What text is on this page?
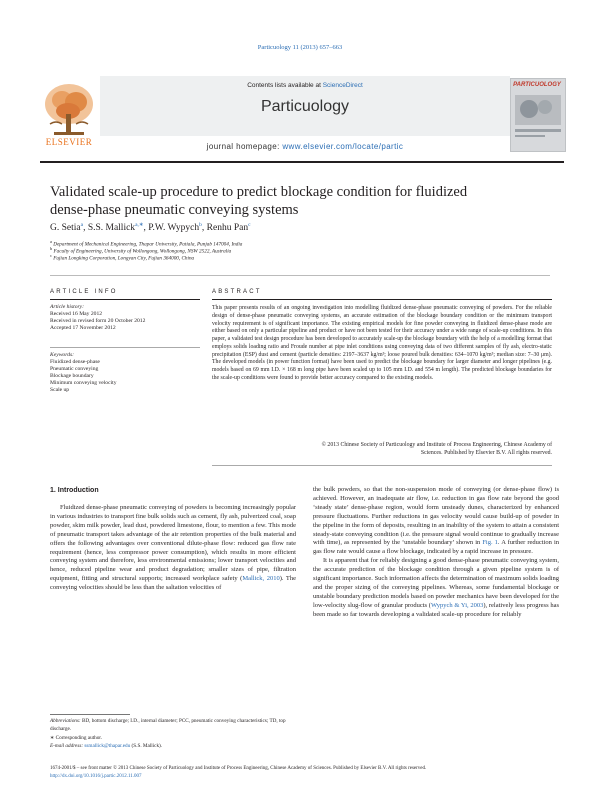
Particuology 11 (2013) 657–663
Contents lists available at ScienceDirect
Particuology
journal homepage: www.elsevier.com/locate/partic
ELSEVIER
PARTICUOLOGY
Validated scale-up procedure to predict blockage condition for fluidized
dense-phase pneumatic conveying systems
G. Setia$^a$, S.S. Mallick$^{a,∗}$, P.W. Wypych$^b$, Renhu Pan$^c$
$^a$ Department of Mechanical Engineering, Thapar University, Patiala, Punjab 147004, India
$^b$ Faculty of Engineering, University of Wollongong, Wollongong, NSW 2522, Australia
$^c$ Fujian Longking Corporation, Longyan City, Fujian 364000, China
ARTICLE INFO
Article history:
Received 16 May 2012
Received in revised form 20 October 2012
Accepted 17 November 2012
Keywords:
Fluidized dense-phase
Pneumatic conveying
Blockage boundary
Minimum conveying velocity
Scale up
ABSTRACT
This paper presents results of an ongoing investigation into modelling fluidized dense-phase pneumatic conveying of powders. For the reliable design of dense-phase pneumatic conveying systems, an accurate estimation of the blockage boundary condition or the minimum transport velocity requirement is of significant importance. The existing empirical models for fine powder conveying in fluidized dense-phase mode are either based on only a particular pipeline and product or have not been tested for their accuracy under a wide range of scale-up conditions. In this paper, a validated test design procedure has been developed to accurately scale-up the blockage boundary with the help of a modelling format that employs solids loading ratio and Froude number at pipe inlet conditions using conveying data of two different samples of fly ash, electro-static precipitation (ESP) dust and cement (particle densities: 2197–3637 kg/m³; loose poured bulk densities: 634–1070 kg/m³; median size: 7–30 μm). The developed models (in power function format) have been used to predict the blockage boundary for larger diameter and longer pipelines (e.g. models based on 69 mm I.D. × 168 m long pipe have been scaled up to 105 mm I.D. and 554 m length). The predicted blockage boundaries for the scale-up conditions were found to provide better accuracy compared to the existing models.
© 2013 Chinese Society of Particuology and Institute of Process Engineering, Chinese Academy of
Sciences. Published by Elsevier B.V. All rights reserved.
1. Introduction

Fluidized dense-phase pneumatic conveying of powders is becoming increasingly popular in various industries to transport fine bulk solids such as cement, fly ash, pulverized coal, soap powder, skim milk powder, lead dust, powdered limestone, flour, to mention a few. This mode of pneumatic transport takes advantage of the air retention properties of the bulk material and offers the following advantages over conventional dilute-phase flow: reduced gas flow rate requirement (hence, less compressor power consumption), which results in more efficient conveying system and therefore, less environmental emissions; lower transport velocities and hence, reduced pipeline wear and product degradation; smaller sizes of pipe, filtration equipment, fitting and structural supports; increased workplace safety (Mallick, 2010). The conveying velocities should be less than the saltation velocities of

the bulk powders, so that the non-suspension mode of conveying (or dense-phase flow) is achieved. However, an inadequate air flow, i.e. reduction in gas flow rate beyond the good ‘steady state’ dense-phase region, would form unsteady dunes, characterized by enhanced pressure fluctuations. Further reductions in gas velocity would cause build-up of powder in the pipeline in the form of deposits, resulting in an inability of the system to attain a consistent steady-state conveying condition (i.e. the pressure signal would continue to gradually increase with time), as represented by the ‘unstable boundary’ shown in Fig. 1. A further reduction in gas flow rate would cause a flow blockage, indicated by a rapid increase in pressure.

It is apparent that for reliably designing a good dense-phase pneumatic conveying system, the accurate prediction of the blockage condition through a given pipeline system is of significant importance. Such information affects the determination of maximum solids loading and the proper sizing of the conveying pipelines. Whereas, some fundamental blockage or unstable boundary prediction models based on powder mechanics have been developed for the low-velocity slug-flow of granular products (Wypych & Yi, 2003), relatively less progress has been made so far towards developing a validated scale-up procedure for reliably

Abbreviations: BD, bottom discharge; I.D., internal diameter; PCC, pneumatic conveying characteristics; TD, top discharge.
∗ Corresponding author.
E-mail address: ssmallick@thapar.edu (S.S. Mallick).
1674-2001/$ – see front matter © 2013 Chinese Society of Particuology and Institute of Process Engineering, Chinese Academy of Sciences. Published by Elsevier B.V. All rights reserved.
http://dx.doi.org/10.1016/j.partic.2012.11.007
